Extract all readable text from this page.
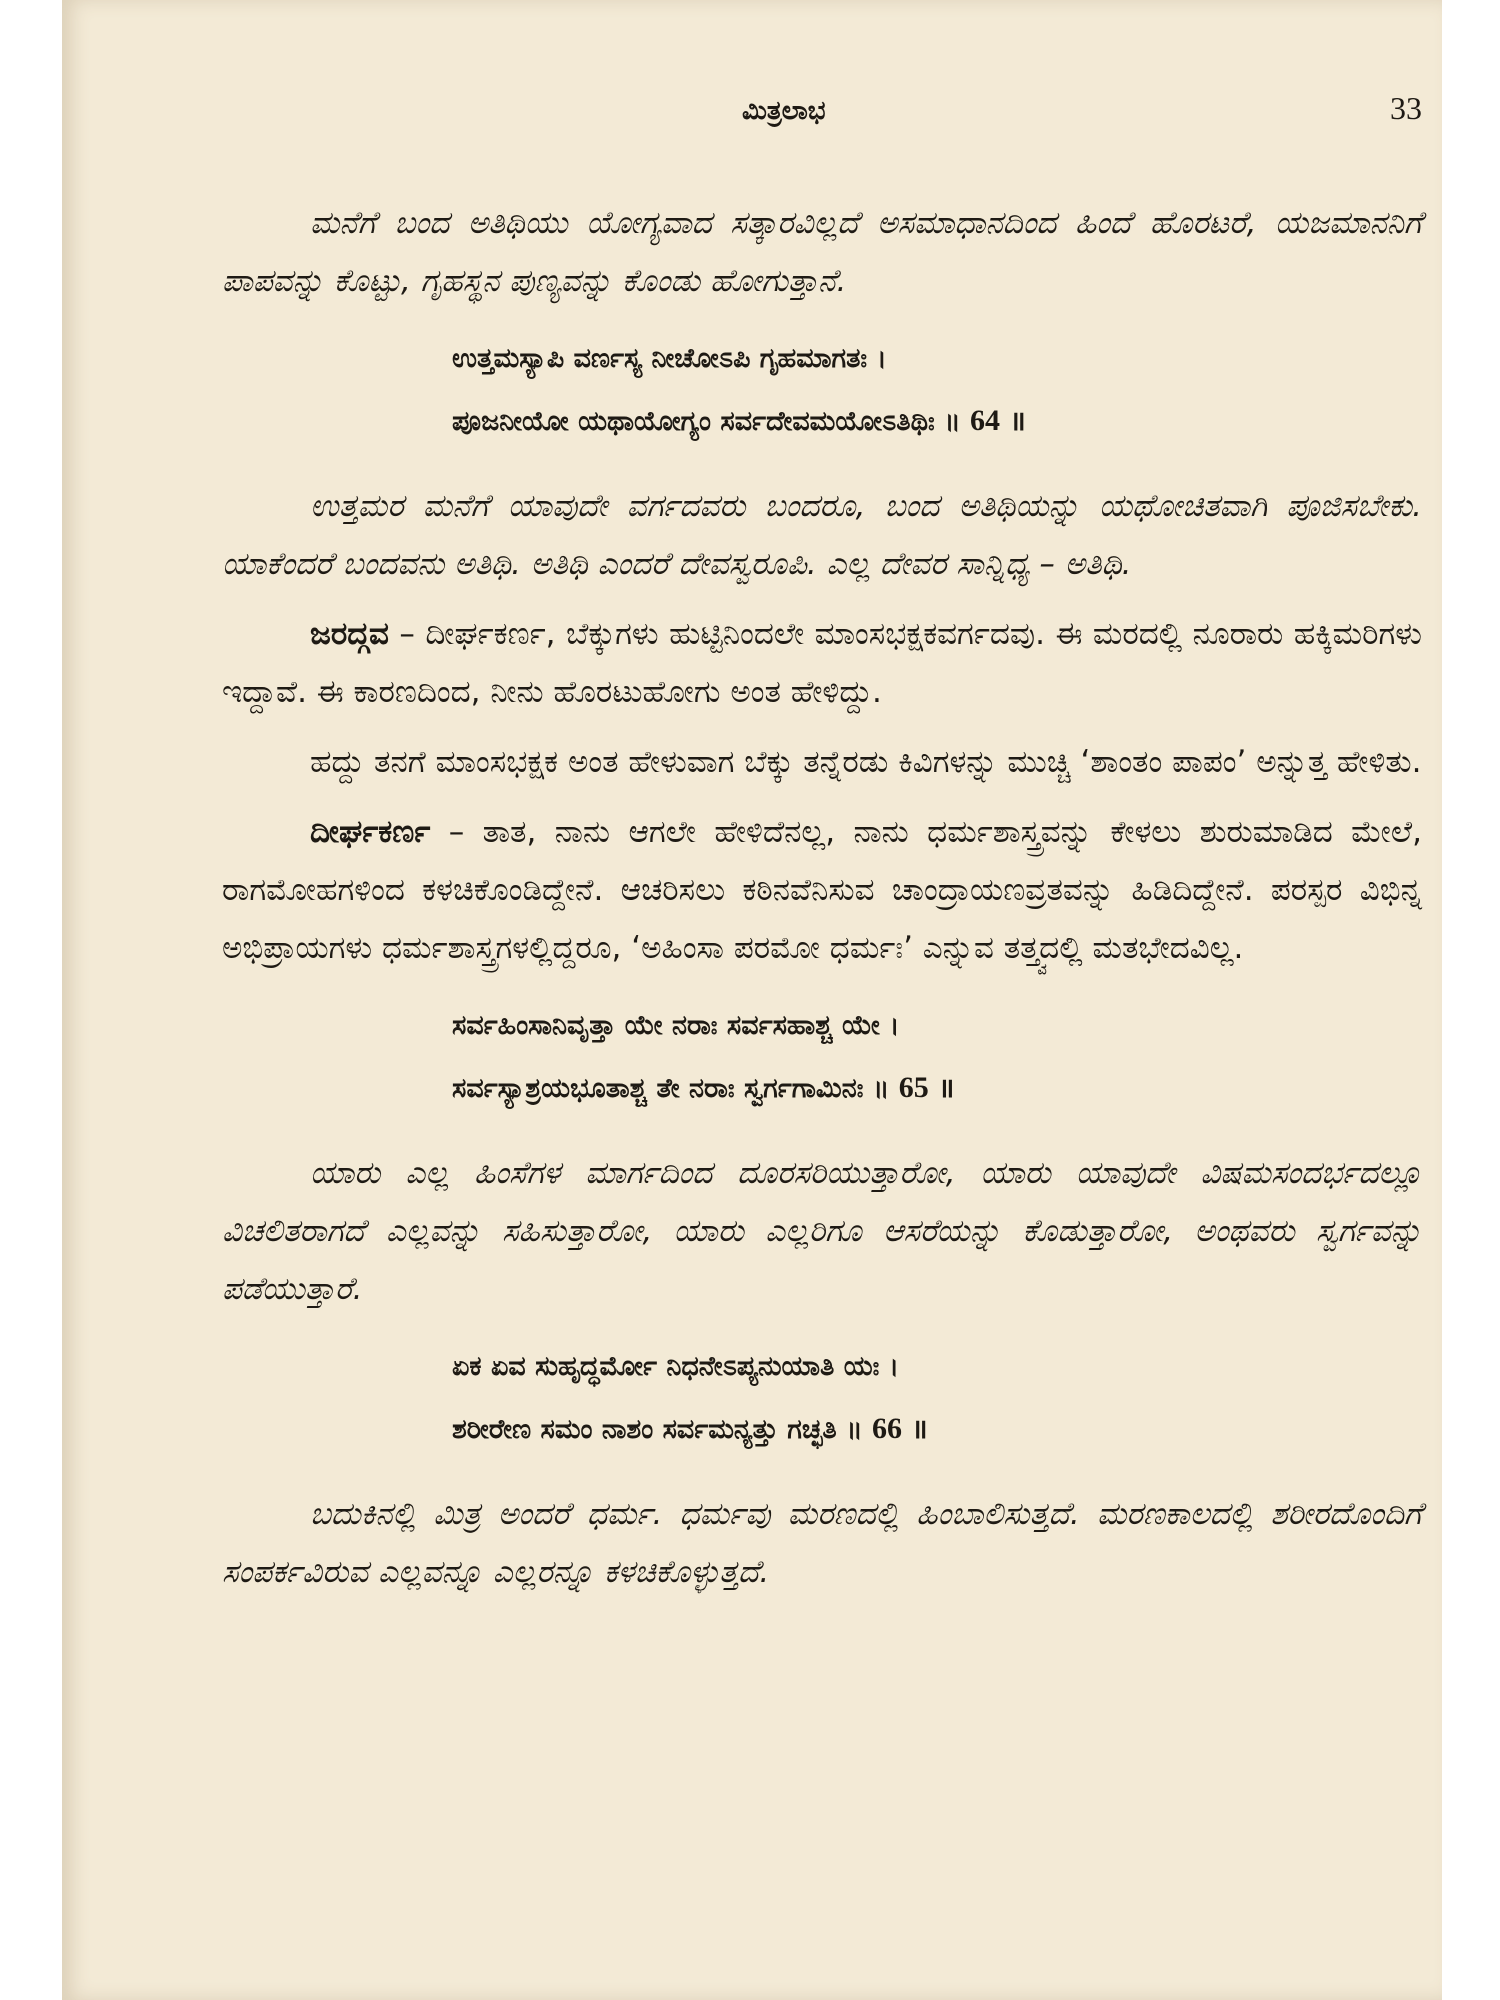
ಮಿತ್ರಲಾಭ	33

ಮನೆಗೆ ಬಂದ ಅತಿಥಿಯು ಯೋಗ್ಯವಾದ ಸತ್ಕಾರವಿಲ್ಲದೆ ಅಸಮಾಧಾನದಿಂದ ಹಿಂದೆ ಹೊರಟರೆ, ಯಜಮಾನನಿಗೆ ಪಾಪವನ್ನು ಕೊಟ್ಟು, ಗೃಹಸ್ಥನ ಪುಣ್ಯವನ್ನು ಕೊಂಡು ಹೋಗುತ್ತಾನೆ.

ಉತ್ತಮಸ್ಯಾಪಿ ವರ್ಣಸ್ಯ ನೀಚೋಽಪಿ ಗೃಹಮಾಗತಃ ।
ಪೂಜನೀಯೋ ಯಥಾಯೋಗ್ಯಂ ಸರ್ವದೇವಮಯೋಽತಿಥಿಃ ॥ 64 ॥

ಉತ್ತಮರ ಮನೆಗೆ ಯಾವುದೇ ವರ್ಗದವರು ಬಂದರೂ, ಬಂದ ಅತಿಥಿಯನ್ನು ಯಥೋಚಿತವಾಗಿ ಪೂಜಿಸಬೇಕು. ಯಾಕೆಂದರೆ ಬಂದವನು ಅತಿಥಿ. ಅತಿಥಿ ಎಂದರೆ ದೇವಸ್ವರೂಪಿ. ಎಲ್ಲ ದೇವರ ಸಾನ್ನಿಧ್ಯ – ಅತಿಥಿ.

ಜರದ್ಗವ – ದೀರ್ಘಕರ್ಣ, ಬೆಕ್ಕುಗಳು ಹುಟ್ಟಿನಿಂದಲೇ ಮಾಂಸಭಕ್ಷಕವರ್ಗದವು. ಈ ಮರದಲ್ಲಿ ನೂರಾರು ಹಕ್ಕಿಮರಿಗಳು ಇದ್ದಾವೆ. ಈ ಕಾರಣದಿಂದ, ನೀನು ಹೊರಟುಹೋಗು ಅಂತ ಹೇಳಿದ್ದು.

ಹದ್ದು ತನಗೆ ಮಾಂಸಭಕ್ಷಕ ಅಂತ ಹೇಳುವಾಗ ಬೆಕ್ಕು ತನ್ನೆರಡು ಕಿವಿಗಳನ್ನು ಮುಚ್ಚಿ ‘ಶಾಂತಂ ಪಾಪಂ’ ಅನ್ನುತ್ತ ಹೇಳಿತು.

ದೀರ್ಘಕರ್ಣ – ತಾತ, ನಾನು ಆಗಲೇ ಹೇಳಿದೆನಲ್ಲ, ನಾನು ಧರ್ಮಶಾಸ್ತ್ರವನ್ನು ಕೇಳಲು ಶುರುಮಾಡಿದ ಮೇಲೆ, ರಾಗಮೋಹಗಳಿಂದ ಕಳಚಿಕೊಂಡಿದ್ದೇನೆ. ಆಚರಿಸಲು ಕಠಿನವೆನಿಸುವ ಚಾಂದ್ರಾಯಣವ್ರತವನ್ನು ಹಿಡಿದಿದ್ದೇನೆ. ಪರಸ್ಪರ ವಿಭಿನ್ನ ಅಭಿಪ್ರಾಯಗಳು ಧರ್ಮಶಾಸ್ತ್ರಗಳಲ್ಲಿದ್ದರೂ, ‘ಅಹಿಂಸಾ ಪರಮೋ ಧರ್ಮಃ’ ಎನ್ನುವ ತತ್ತ್ವದಲ್ಲಿ ಮತಭೇದವಿಲ್ಲ.

ಸರ್ವಹಿಂಸಾನಿವೃತ್ತಾ ಯೇ ನರಾಃ ಸರ್ವಸಹಾಶ್ಚ ಯೇ ।
ಸರ್ವಸ್ಯಾಶ್ರಯಭೂತಾಶ್ಚ ತೇ ನರಾಃ ಸ್ವರ್ಗಗಾಮಿನಃ ॥ 65 ॥

ಯಾರು ಎಲ್ಲ ಹಿಂಸೆಗಳ ಮಾರ್ಗದಿಂದ ದೂರಸರಿಯುತ್ತಾರೋ, ಯಾರು ಯಾವುದೇ ವಿಷಮಸಂದರ್ಭದಲ್ಲೂ ವಿಚಲಿತರಾಗದೆ ಎಲ್ಲವನ್ನು ಸಹಿಸುತ್ತಾರೋ, ಯಾರು ಎಲ್ಲರಿಗೂ ಆಸರೆಯನ್ನು ಕೊಡುತ್ತಾರೋ, ಅಂಥವರು ಸ್ವರ್ಗವನ್ನು ಪಡೆಯುತ್ತಾರೆ.

ಏಕ ಏವ ಸುಹೃದ್ಧರ್ಮೋ ನಿಧನೇಽಪ್ಯನುಯಾತಿ ಯಃ ।
ಶರೀರೇಣ ಸಮಂ ನಾಶಂ ಸರ್ವಮನ್ಯತ್ತು ಗಚ್ಛತಿ ॥ 66 ॥

ಬದುಕಿನಲ್ಲಿ ಮಿತ್ರ ಅಂದರೆ ಧರ್ಮ. ಧರ್ಮವು ಮರಣದಲ್ಲಿ ಹಿಂಬಾಲಿಸುತ್ತದೆ. ಮರಣಕಾಲದಲ್ಲಿ ಶರೀರದೊಂದಿಗೆ ಸಂಪರ್ಕವಿರುವ ಎಲ್ಲವನ್ನೂ ಎಲ್ಲರನ್ನೂ ಕಳಚಿಕೊಳ್ಳುತ್ತದೆ.
